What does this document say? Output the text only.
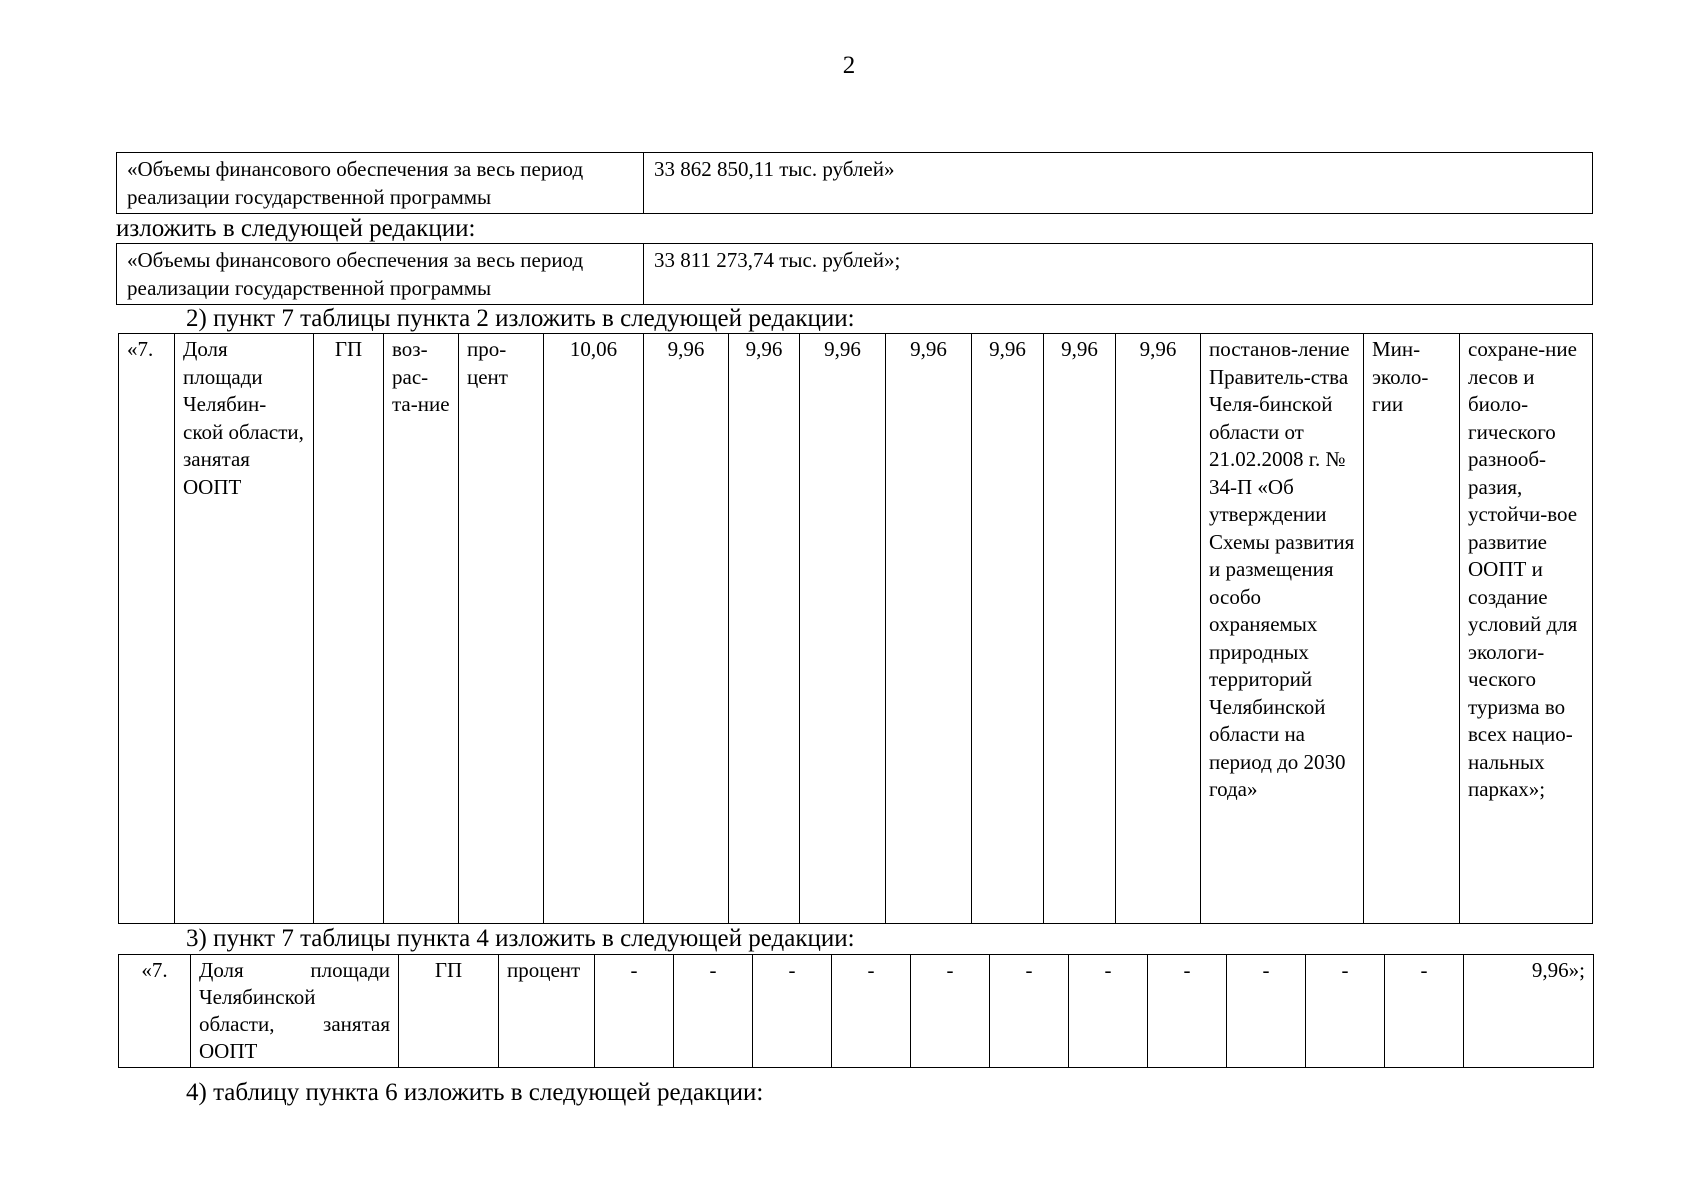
2
«Объемы финансового обеспечения за весь период реализации государственной программы	33 862 850,11 тыс. рублей»
изложить в следующей редакции:
«Объемы финансового обеспечения за весь период реализации государственной программы	33 811 273,74 тыс. рублей»;
2) пункт 7 таблицы пункта 2 изложить в следующей редакции:
«7.	Доля площади Челябин-ской области, занятая ООПТ	ГП	воз-рас-та-ние	про-цент	10,06	9,96	9,96	9,96	9,96	9,96	9,96	9,96	постанов-ление Правитель-ства Челя-бинской области от 21.02.2008 г. № 34-П «Об утверждении Схемы развития и размещения особо охраняемых природных территорий Челябинской области на период до 2030 года»	Мин-эколо-гии	сохране-ние лесов и биоло-гического разнооб-разия, устойчи-вое развитие ООПТ и создание условий для экологи-ческого туризма во всех нацио-нальных парках»;
3) пункт 7 таблицы пункта 4 изложить в следующей редакции:
«7.	Доля площади Челябинской области, занятая ООПТ	ГП	процент	-	-	-	-	-	-	-	-	-	-	-	9,96»;
4) таблицу пункта 6 изложить в следующей редакции:
